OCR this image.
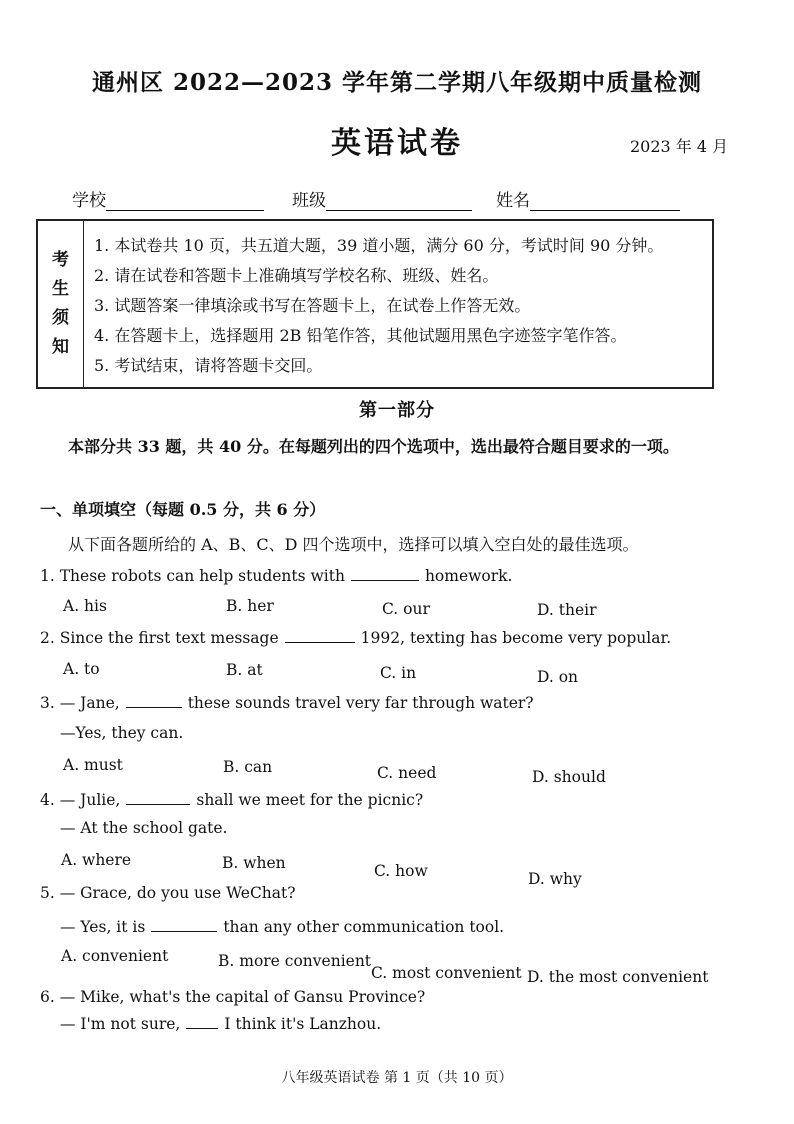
通州区 2022—2023 学年第二学期八年级期中质量检测
英语试卷	2023 年 4 月
学校	班级	姓名
考
生
须
知
1. 本试卷共 10 页，共五道大题，39 道小题，满分 60 分，考试时间 90 分钟。
2. 请在试卷和答题卡上准确填写学校名称、班级、姓名。
3. 试题答案一律填涂或书写在答题卡上，在试卷上作答无效。
4. 在答题卡上，选择题用 2B 铅笔作答，其他试题用黑色字迹签字笔作答。
5. 考试结束，请将答题卡交回。
第一部分
本部分共 33 题，共 40 分。在每题列出的四个选项中，选出最符合题目要求的一项。
一、单项填空（每题 0.5 分，共 6 分）
从下面各题所给的 A、B、C、D 四个选项中，选择可以填入空白处的最佳选项。
1. These robots can help students with	homework.
A. his	B. her	C. our	D. their
2. Since the first text message	1992, texting has become very popular.
A. to	B. at	C. in	D. on
3. — Jane,	these sounds travel very far through water?
—Yes, they can.
A. must	B. can	C. need	D. should
4. — Julie,	shall we meet for the picnic?
— At the school gate.
A. where	B. when	C. how	D. why
5. — Grace, do you use WeChat?
— Yes, it is	than any other communication tool.
A. convenient	B. more convenient
C. most convenient D. the most convenient
6. — Mike, what's the capital of Gansu Province?
— I'm not sure,	I think it's Lanzhou.
八年级英语试卷 第 1 页（共 10 页）
